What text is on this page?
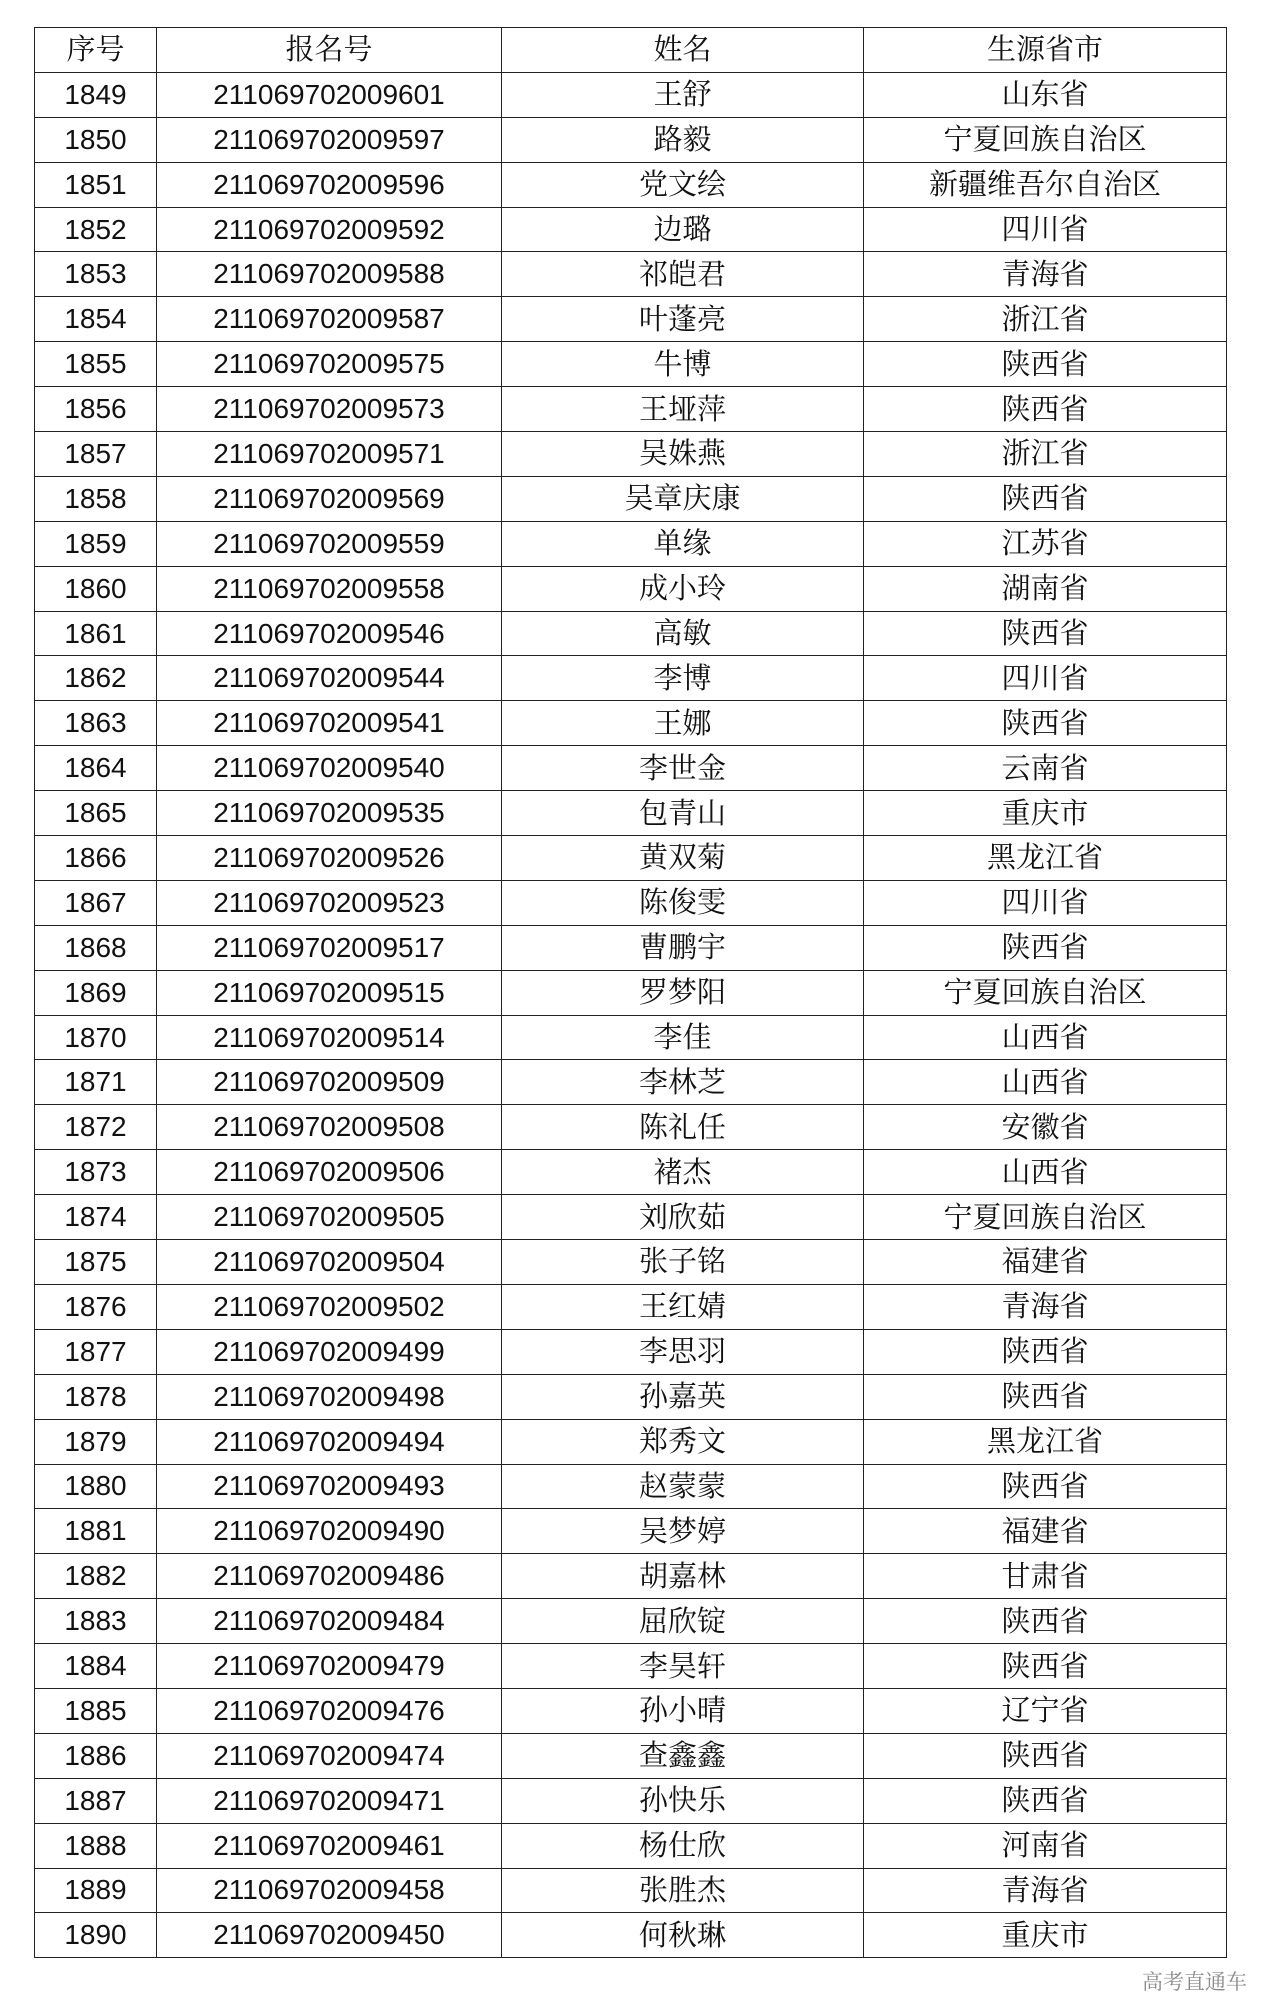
序号	报名号	姓名	生源省市
1849	211069702009601	王舒	山东省
1850	211069702009597	路毅	宁夏回族自治区
1851	211069702009596	党文绘	新疆维吾尔自治区
1852	211069702009592	边璐	四川省
1853	211069702009588	祁皑君	青海省
1854	211069702009587	叶蓬亮	浙江省
1855	211069702009575	牛博	陕西省
1856	211069702009573	王垭萍	陕西省
1857	211069702009571	吴姝燕	浙江省
1858	211069702009569	吴章庆康	陕西省
1859	211069702009559	单缘	江苏省
1860	211069702009558	成小玲	湖南省
1861	211069702009546	高敏	陕西省
1862	211069702009544	李博	四川省
1863	211069702009541	王娜	陕西省
1864	211069702009540	李世金	云南省
1865	211069702009535	包青山	重庆市
1866	211069702009526	黄双菊	黑龙江省
1867	211069702009523	陈俊雯	四川省
1868	211069702009517	曹鹏宇	陕西省
1869	211069702009515	罗梦阳	宁夏回族自治区
1870	211069702009514	李佳	山西省
1871	211069702009509	李林芝	山西省
1872	211069702009508	陈礼任	安徽省
1873	211069702009506	褚杰	山西省
1874	211069702009505	刘欣茹	宁夏回族自治区
1875	211069702009504	张子铭	福建省
1876	211069702009502	王红婧	青海省
1877	211069702009499	李思羽	陕西省
1878	211069702009498	孙嘉英	陕西省
1879	211069702009494	郑秀文	黑龙江省
1880	211069702009493	赵蒙蒙	陕西省
1881	211069702009490	吴梦婷	福建省
1882	211069702009486	胡嘉林	甘肃省
1883	211069702009484	屈欣锭	陕西省
1884	211069702009479	李昊轩	陕西省
1885	211069702009476	孙小晴	辽宁省
1886	211069702009474	查鑫鑫	陕西省
1887	211069702009471	孙快乐	陕西省
1888	211069702009461	杨仕欣	河南省
1889	211069702009458	张胜杰	青海省
1890	211069702009450	何秋琳	重庆市
高考直通车
